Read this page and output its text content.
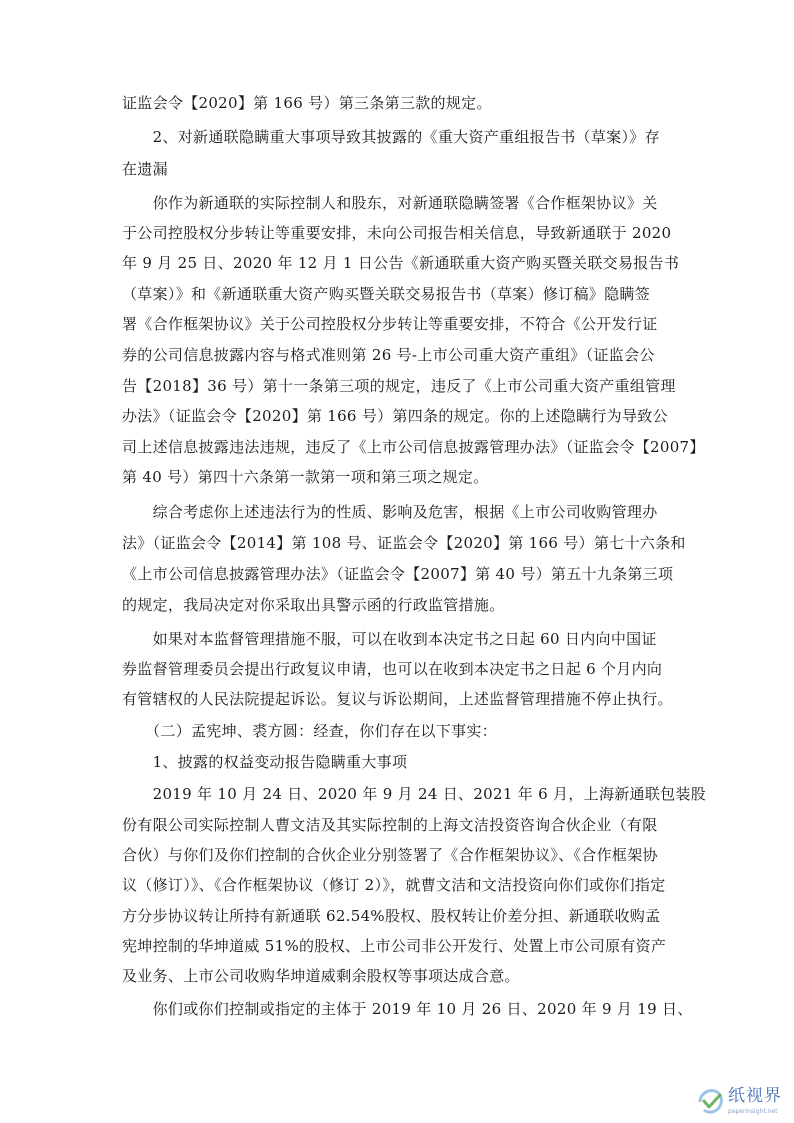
证监会令【2020】第 166 号）第三条第三款的规定。
　　2、对新通联隐瞒重大事项导致其披露的《重大资产重组报告书（草案）》存
在遗漏
　　你作为新通联的实际控制人和股东，对新通联隐瞒签署《合作框架协议》关
于公司控股权分步转让等重要安排，未向公司报告相关信息，导致新通联于 2020
年 9 月 25 日、2020 年 12 月 1 日公告《新通联重大资产购买暨关联交易报告书
（草案）》和《新通联重大资产购买暨关联交易报告书（草案）修订稿》隐瞒签
署《合作框架协议》关于公司控股权分步转让等重要安排，不符合《公开发行证
券的公司信息披露内容与格式准则第 26 号-上市公司重大资产重组》（证监会公
告【2018】36 号）第十一条第三项的规定，违反了《上市公司重大资产重组管理
办法》（证监会令【2020】第 166 号）第四条的规定。你的上述隐瞒行为导致公
司上述信息披露违法违规，违反了《上市公司信息披露管理办法》（证监会令【2007】
第 40 号）第四十六条第一款第一项和第三项之规定。
　　综合考虑你上述违法行为的性质、影响及危害，根据《上市公司收购管理办
法》（证监会令【2014】第 108 号、证监会令【2020】第 166 号）第七十六条和
《上市公司信息披露管理办法》（证监会令【2007】第 40 号）第五十九条第三项
的规定，我局决定对你采取出具警示函的行政监管措施。
　　如果对本监督管理措施不服，可以在收到本决定书之日起 60 日内向中国证
券监督管理委员会提出行政复议申请，也可以在收到本决定书之日起 6 个月内向
有管辖权的人民法院提起诉讼。复议与诉讼期间，上述监督管理措施不停止执行。
　　（二）孟宪坤、裘方圆：经查，你们存在以下事实：
　　1、披露的权益变动报告隐瞒重大事项
　　2019 年 10 月 24 日、2020 年 9 月 24 日、2021 年 6 月，上海新通联包装股
份有限公司实际控制人曹文洁及其实际控制的上海文洁投资咨询合伙企业（有限
合伙）与你们及你们控制的合伙企业分别签署了《合作框架协议》、《合作框架协
议（修订）》、《合作框架协议（修订 2）》，就曹文洁和文洁投资向你们或你们指定
方分步协议转让所持有新通联 62.54%股权、股权转让价差分担、新通联收购孟
宪坤控制的华坤道威 51%的股权、上市公司非公开发行、处置上市公司原有资产
及业务、上市公司收购华坤道威剩余股权等事项达成合意。
　　你们或你们控制或指定的主体于 2019 年 10 月 26 日、2020 年 9 月 19 日、
纸视界
paperinsight.net
